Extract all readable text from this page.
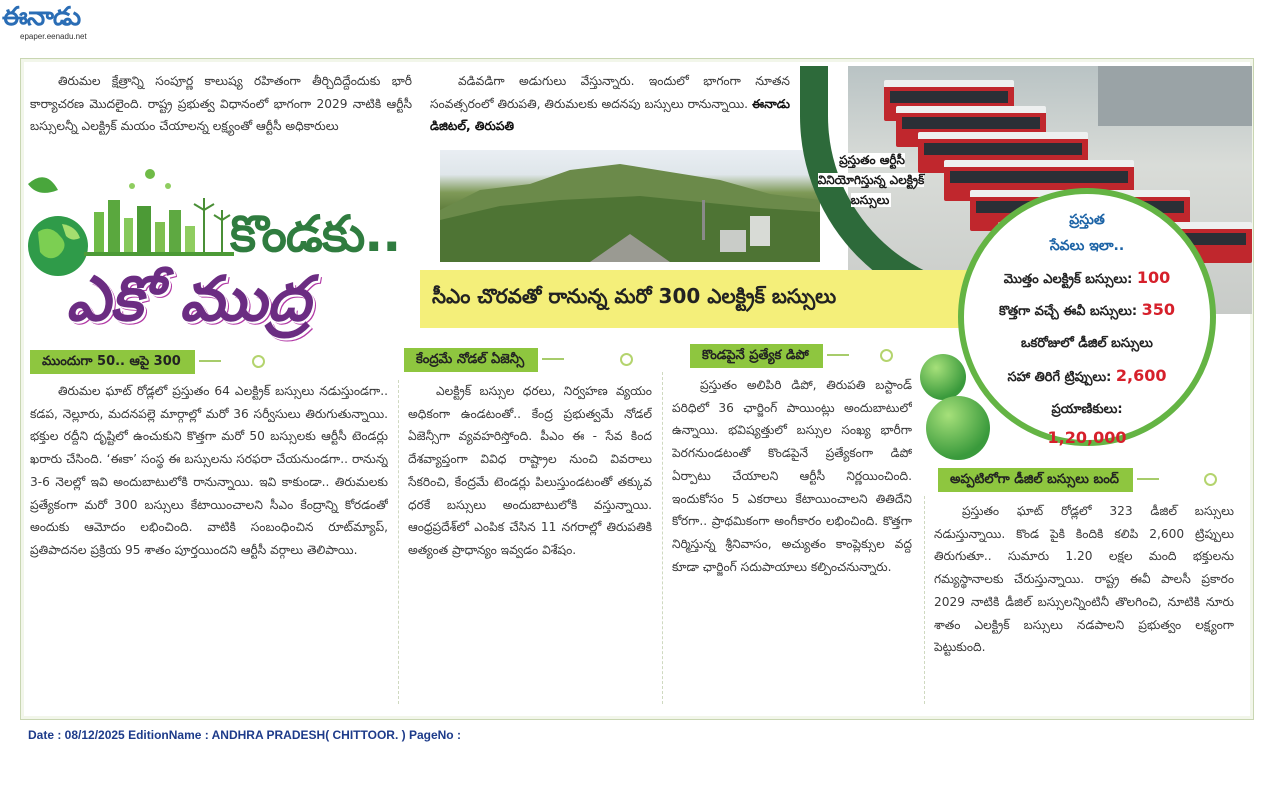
ఈనాడు
epaper.eenadu.net
తిరుమల క్షేత్రాన్ని సంపూర్ణ కాలుష్య రహితంగా తీర్చిదిద్దేందుకు భారీ కార్యాచరణ మొదలైంది. రాష్ట్ర ప్రభుత్వ విధానంలో భాగంగా 2029 నాటికి ఆర్టీసీ బస్సులన్నీ ఎలక్ట్రిక్ మయం చేయాలన్న లక్ష్యంతో ఆర్టీసీ అధికారులు
వడివడిగా అడుగులు వేస్తున్నారు. ఇందులో భాగంగా నూతన సంవత్సరంలో తిరుపతి, తిరుమలకు అదనపు బస్సులు రానున్నాయి. ఈనాడు డిజిటల్, తిరుపతి
కొండకు..
ఎకో ముద్ర
ప్రస్తుతం ఆర్టీసీ వినియోగిస్తున్న ఎలక్ట్రిక్ బస్సులు
సీఎం చొరవతో రానున్న మరో 300 ఎలక్ట్రిక్ బస్సులు
ప్రస్తుత
సేవలు ఇలా..
మొత్తం ఎలక్ట్రిక్ బస్సులు: 100
కొత్తగా వచ్చే ఈవీ బస్సులు: 350
ఒకరోజులో డీజిల్ బస్సులు
సహా తిరిగే ట్రిప్పులు: 2,600
ప్రయాణికులు:
1,20,000
ముందుగా 50.. ఆపై 300	కేంద్రమే నోడల్ ఏజెన్సీ	కొండపైనే ప్రత్యేక డిపో
అప్పటిలోగా డీజిల్ బస్సులు బంద్
తిరుమల ఘాట్ రోడ్లలో ప్రస్తుతం 64 ఎలక్ట్రిక్ బస్సులు నడుస్తుండగా.. కడప, నెల్లూరు, మదనపల్లె మార్గాల్లో మరో 36 సర్వీసులు తిరుగుతున్నాయి. భక్తుల రద్దీని దృష్టిలో ఉంచుకుని కొత్తగా మరో 50 బస్సులకు ఆర్టీసీ టెండర్లు ఖరారు చేసింది. ‘ఈకా’ సంస్థ ఈ బస్సులను సరఫరా చేయనుండగా.. రానున్న 3-6 నెలల్లో ఇవి అందుబాటులోకి రానున్నాయి. ఇవి కాకుండా.. తిరుమలకు ప్రత్యేకంగా మరో 300 బస్సులు కేటాయించాలని సీఎం కేంద్రాన్ని కోరడంతో అందుకు ఆమోదం లభించింది. వాటికి సంబంధించిన రూట్‌మ్యాప్, ప్రతిపాదనల ప్రక్రియ 95 శాతం పూర్తయిందని ఆర్టీసీ వర్గాలు తెలిపాయి.
ఎలక్ట్రిక్ బస్సుల ధరలు, నిర్వహణ వ్యయం అధికంగా ఉండటంతో.. కేంద్ర ప్రభుత్వమే నోడల్ ఏజెన్సీగా వ్యవహరిస్తోంది. పీఎం ఈ - సేవ కింద దేశవ్యాప్తంగా వివిధ రాష్ట్రాల నుంచి వివరాలు సేకరించి, కేంద్రమే టెండర్లు పిలుస్తుండటంతో తక్కువ ధరకే బస్సులు అందుబాటులోకి వస్తున్నాయి. ఆంధ్రప్రదేశ్‌లో ఎంపిక చేసిన 11 నగరాల్లో తిరుపతికి అత్యంత ప్రాధాన్యం ఇవ్వడం విశేషం.
ప్రస్తుతం అలిపిరి డిపో, తిరుపతి బస్టాండ్ పరిధిలో 36 ఛార్జింగ్ పాయింట్లు అందుబాటులో ఉన్నాయి. భవిష్యత్తులో బస్సుల సంఖ్య భారీగా పెరగనుండటంతో కొండపైనే ప్రత్యేకంగా డిపో ఏర్పాటు చేయాలని ఆర్టీసీ నిర్ణయించింది. ఇందుకోసం 5 ఎకరాలు కేటాయించాలని తితిదేని కోరగా.. ప్రాథమికంగా అంగీకారం లభించింది. కొత్తగా నిర్మిస్తున్న శ్రీనివాసం, అచ్యుతం కాంప్లెక్సుల వద్ద కూడా ఛార్జింగ్ సదుపాయాలు కల్పించనున్నారు.
ప్రస్తుతం ఘాట్ రోడ్లలో 323 డీజిల్ బస్సులు నడుస్తున్నాయి. కొండ పైకి కిందికి కలిపి 2,600 ట్రిప్పులు తిరుగుతూ.. సుమారు 1.20 లక్షల మంది భక్తులను గమ్యస్థానాలకు చేరుస్తున్నాయి. రాష్ట్ర ఈవీ పాలసీ ప్రకారం 2029 నాటికి డీజిల్ బస్సులన్నింటినీ తొలగించి, నూటికి నూరు శాతం ఎలక్ట్రిక్ బస్సులు నడపాలని ప్రభుత్వం లక్ష్యంగా పెట్టుకుంది.
Date : 08/12/2025 EditionName : ANDHRA PRADESH( CHITTOOR. ) PageNo :
